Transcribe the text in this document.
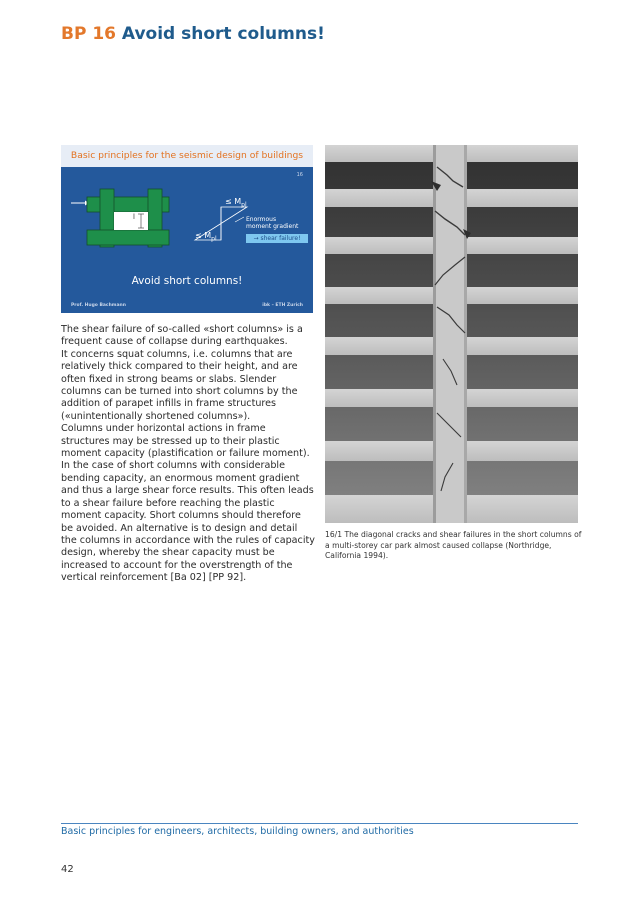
BP 16 Avoid short columns!
Basic principles for the seismic design of buildings
16
≤ $M_{pl}$
≤ $M_{pl}$
l	Enormous
moment gradient
→ shear failure!
Avoid short columns!
Prof. Hugo Bachmann	ibk – ETH Zurich

The shear failure of so-called «short columns» is a frequent cause of collapse during earthquakes.

It concerns squat columns, i.e. columns that are relatively thick compared to their height, and are often fixed in strong beams or slabs. Slender columns can be turned into short columns by the addition of parapet infills in frame structures («unintentionally shortened columns»).

Columns under horizontal actions in frame structures may be stressed up to their plastic moment capacity (plastification or failure moment). In the case of short columns with considerable bending capacity, an enormous moment gradient and thus a large shear force results. This often leads to a shear failure before reaching the plastic moment capacity. Short columns should therefore be avoided. An alternative is to design and detail the columns in accordance with the rules of capacity design, whereby the shear capacity must be increased to account for the overstrength of the vertical reinforcement [Ba 02] [PP 92].

16/1 The diagonal cracks and shear failures in the short columns of a multi-storey car park almost caused collapse (Northridge, California 1994).
Basic principles for engineers, architects, building owners, and authorities
42
